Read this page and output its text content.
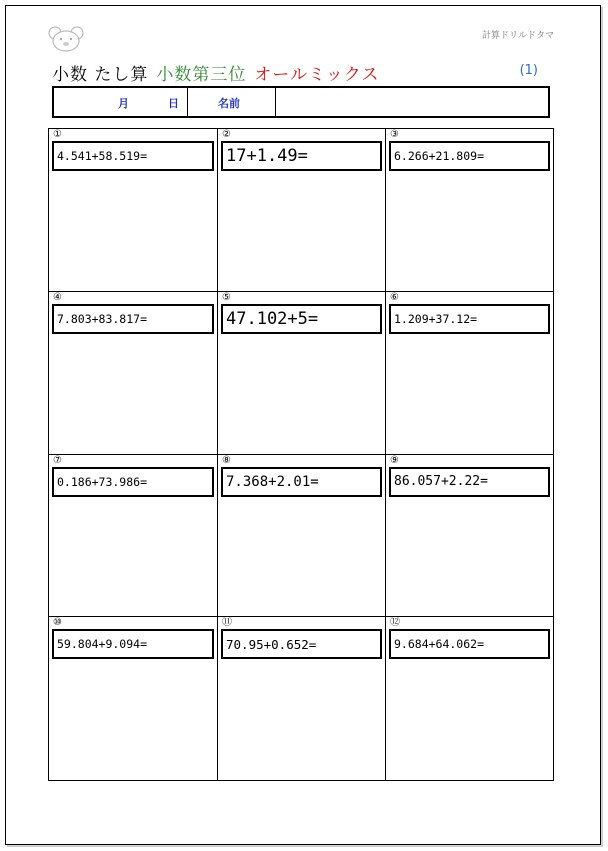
計算ドリルドタマ
小数 たし算 小数第三位 オールミックス	(1)
月	日	名前
①
4.541+58.519=
②
17+1.49=
③
6.266+21.809=
④
7.803+83.817=
⑤
47.102+5=
⑥
1.209+37.12=
⑦
0.186+73.986=
⑧
7.368+2.01=
⑨
86.057+2.22=
⑩
59.804+9.094=
⑪
70.95+0.652=
⑫
9.684+64.062=
